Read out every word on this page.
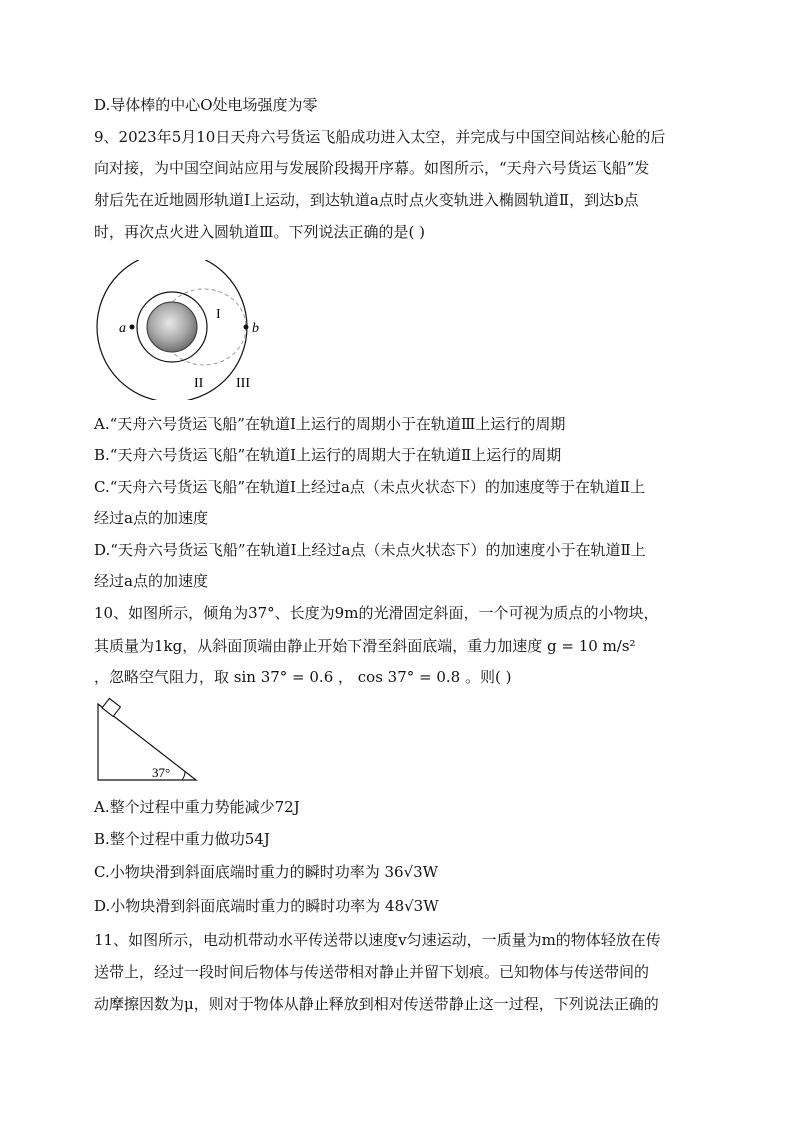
D.导体棒的中心O处电场强度为零
9、2023年5月10日天舟六号货运飞船成功进入太空，并完成与中国空间站核心舱的后
向对接，为中国空间站应用与发展阶段揭开序幕。如图所示，“天舟六号货运飞船”发
射后先在近地圆形轨道Ⅰ上运动，到达轨道a点时点火变轨进入椭圆轨道Ⅱ，到达b点
时，再次点火进入圆轨道Ⅲ。下列说法正确的是( )
a	b
I
II III
A.“天舟六号货运飞船”在轨道Ⅰ上运行的周期小于在轨道Ⅲ上运行的周期
B.“天舟六号货运飞船”在轨道Ⅰ上运行的周期大于在轨道Ⅱ上运行的周期
C.“天舟六号货运飞船”在轨道Ⅰ上经过a点（未点火状态下）的加速度等于在轨道Ⅱ上
经过a点的加速度
D.“天舟六号货运飞船”在轨道Ⅰ上经过a点（未点火状态下）的加速度小于在轨道Ⅱ上
经过a点的加速度
10、如图所示，倾角为37°、长度为9m的光滑固定斜面，一个可视为质点的小物块，
其质量为1kg，从斜面顶端由静止开始下滑至斜面底端，重力加速度 g = 10 m/s²
，忽略空气阻力，取 sin 37° = 0.6 ， cos 37° = 0.8 。则( )
37°
A.整个过程中重力势能减少72J
B.整个过程中重力做功54J
C.小物块滑到斜面底端时重力的瞬时功率为 36√3W
D.小物块滑到斜面底端时重力的瞬时功率为 48√3W
11、如图所示，电动机带动水平传送带以速度v匀速运动，一质量为m的物体轻放在传
送带上，经过一段时间后物体与传送带相对静止并留下划痕。已知物体与传送带间的
动摩擦因数为μ，则对于物体从静止释放到相对传送带静止这一过程，下列说法正确的
